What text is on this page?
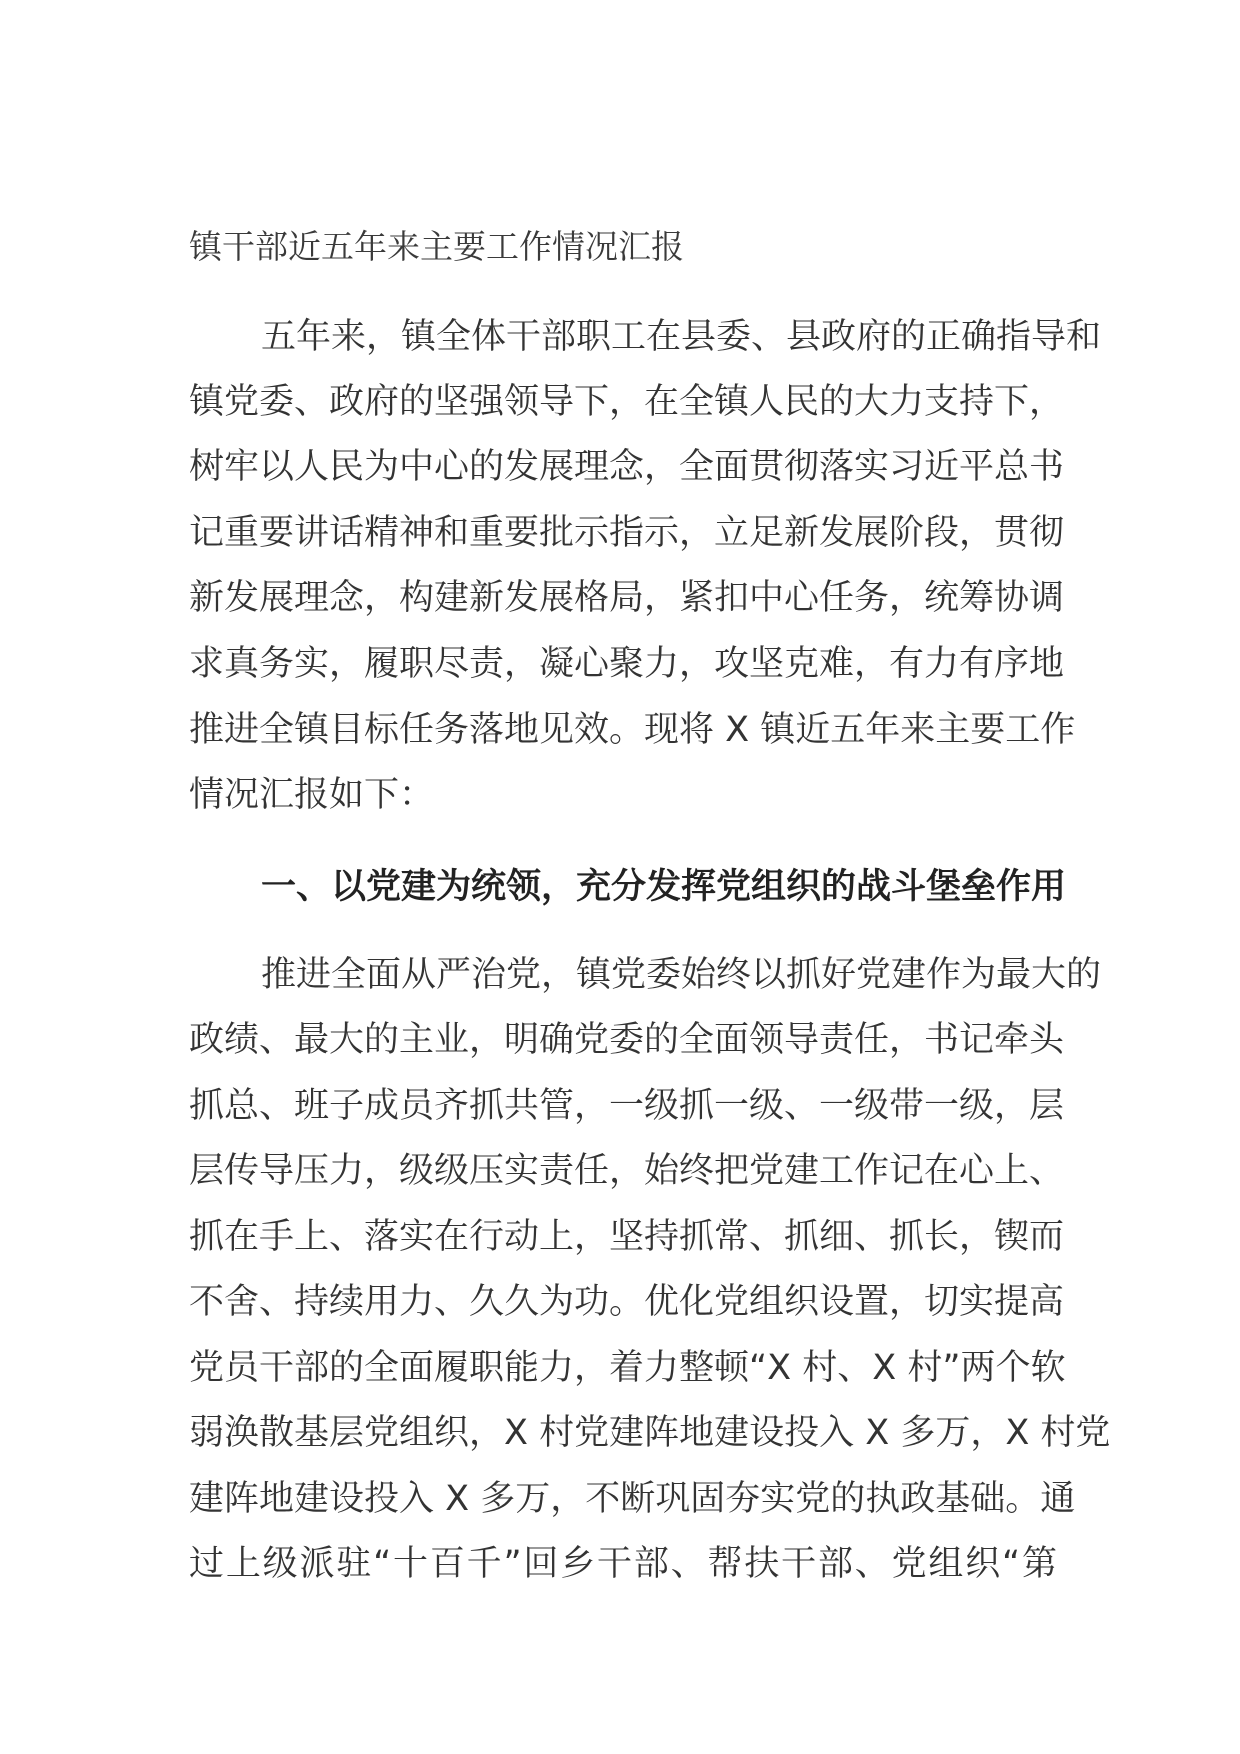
镇干部近五年来主要工作情况汇报
五年来，镇全体干部职工在县委、县政府的正确指导和
镇党委、政府的坚强领导下，在全镇人民的大力支持下，
树牢以人民为中心的发展理念，全面贯彻落实习近平总书
记重要讲话精神和重要批示指示，立足新发展阶段，贯彻
新发展理念，构建新发展格局，紧扣中心任务，统筹协调
求真务实，履职尽责，凝心聚力，攻坚克难，有力有序地
推进全镇目标任务落地见效。现将 X 镇近五年来主要工作
情况汇报如下：
一、以党建为统领，充分发挥党组织的战斗堡垒作用
推进全面从严治党，镇党委始终以抓好党建作为最大的
政绩、最大的主业，明确党委的全面领导责任，书记牵头
抓总、班子成员齐抓共管，一级抓一级、一级带一级，层
层传导压力，级级压实责任，始终把党建工作记在心上、
抓在手上、落实在行动上，坚持抓常、抓细、抓长，锲而
不舍、持续用力、久久为功。优化党组织设置，切实提高
党员干部的全面履职能力，着力整顿“X 村、X 村”两个软
弱涣散基层党组织，X 村党建阵地建设投入 X 多万，X 村党
建阵地建设投入 X 多万，不断巩固夯实党的执政基础。通
过上级派驻“十百千”回乡干部、帮扶干部、党组织“第
